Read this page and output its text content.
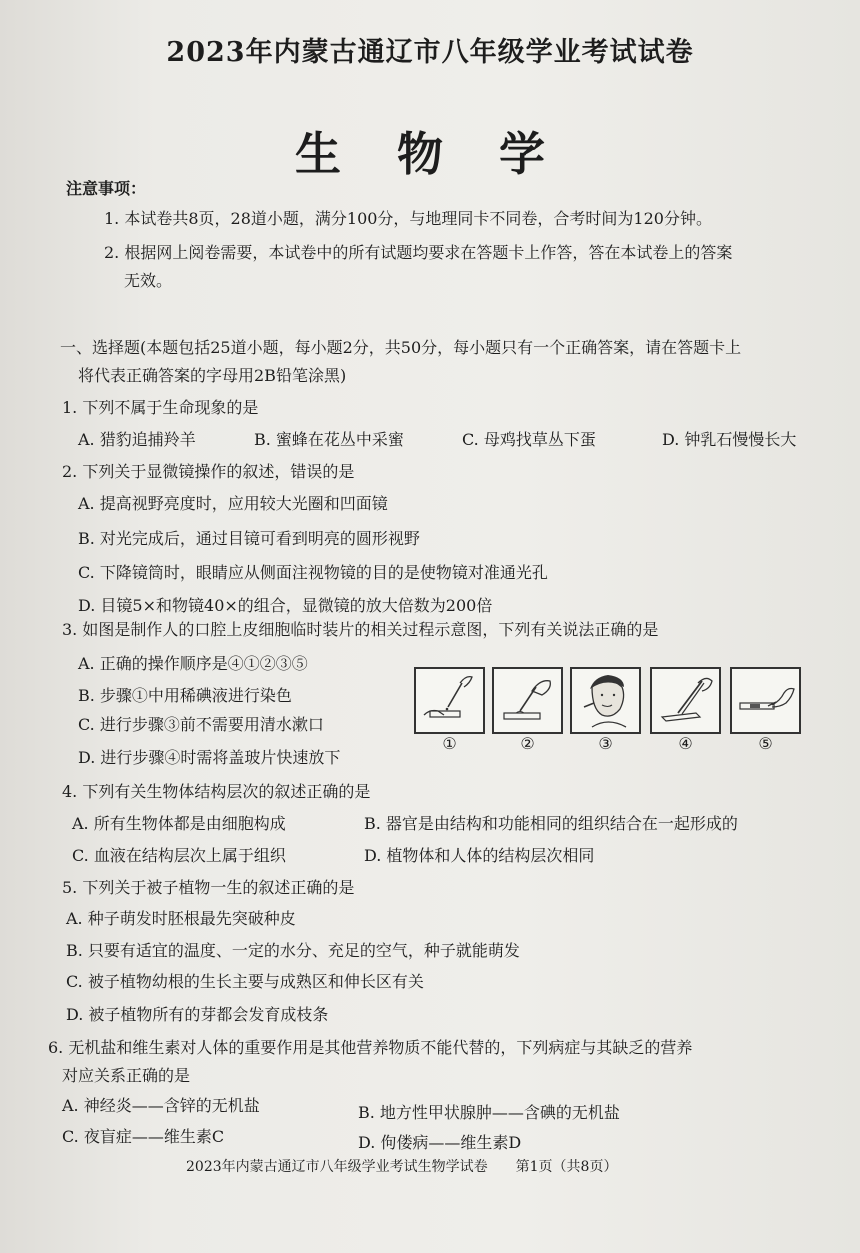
2023年内蒙古通辽市八年级学业考试试卷
生 物 学
注意事项：
1. 本试卷共8页，28道小题，满分100分，与地理同卡不同卷，合考时间为120分钟。
2. 根据网上阅卷需要，本试卷中的所有试题均要求在答题卡上作答，答在本试卷上的答案
无效。
一、选择题(本题包括25道小题，每小题2分，共50分，每小题只有一个正确答案，请在答题卡上
将代表正确答案的字母用2B铅笔涂黑)
1. 下列不属于生命现象的是
A. 猎豹追捕羚羊	B. 蜜蜂在花丛中采蜜	C. 母鸡找草丛下蛋	D. 钟乳石慢慢长大
2. 下列关于显微镜操作的叙述，错误的是
A. 提高视野亮度时，应用较大光圈和凹面镜
B. 对光完成后，通过目镜可看到明亮的圆形视野
C. 下降镜筒时，眼睛应从侧面注视物镜的目的是使物镜对准通光孔
D. 目镜5×和物镜40×的组合，显微镜的放大倍数为200倍
3. 如图是制作人的口腔上皮细胞临时装片的相关过程示意图，下列有关说法正确的是
A. 正确的操作顺序是④①②③⑤
B. 步骤①中用稀碘液进行染色
C. 进行步骤③前不需要用清水漱口
D. 进行步骤④时需将盖玻片快速放下
①	②	③	④	⑤
4. 下列有关生物体结构层次的叙述正确的是
A. 所有生物体都是由细胞构成	B. 器官是由结构和功能相同的组织结合在一起形成的
C. 血液在结构层次上属于组织	D. 植物体和人体的结构层次相同
5. 下列关于被子植物一生的叙述正确的是
A. 种子萌发时胚根最先突破种皮
B. 只要有适宜的温度、一定的水分、充足的空气，种子就能萌发
C. 被子植物幼根的生长主要与成熟区和伸长区有关
D. 被子植物所有的芽都会发育成枝条
6. 无机盐和维生素对人体的重要作用是其他营养物质不能代替的，下列病症与其缺乏的营养
对应关系正确的是
A. 神经炎——含锌的无机盐	B. 地方性甲状腺肿——含碘的无机盐
C. 夜盲症——维生素C	D. 佝偻病——维生素D
2023年内蒙古通辽市八年级学业考试生物学试卷　　第1页（共8页）
